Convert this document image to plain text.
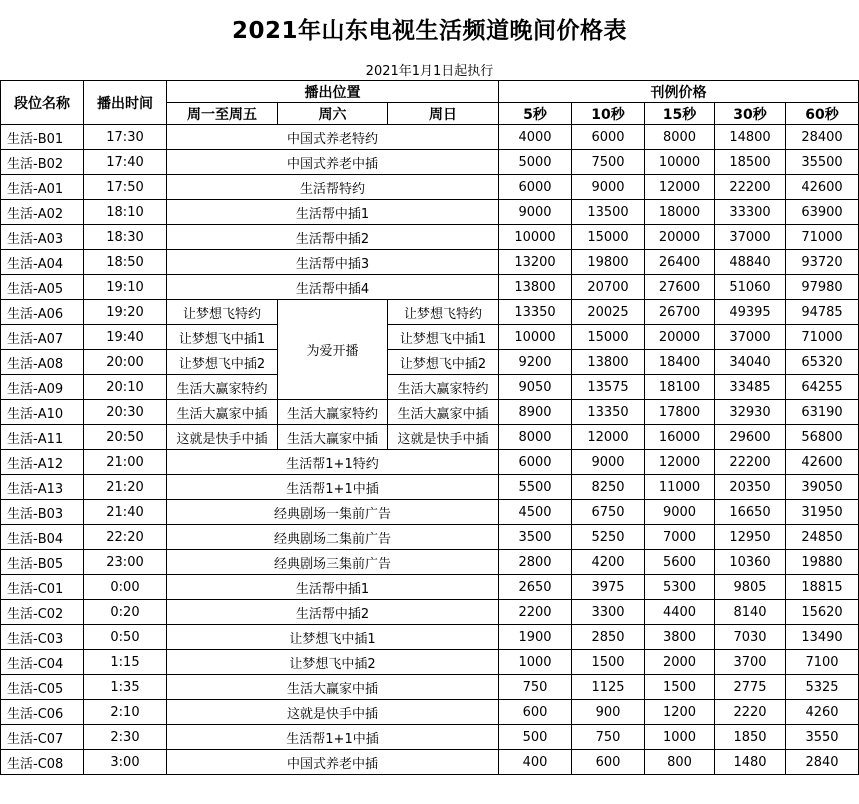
2021年山东电视生活频道晚间价格表
2021年1月1日起执行
段位名称	播出时间	播出位置			刊例价格				
		周一至周五	周六	周日	5秒	10秒	15秒	30秒	60秒
生活-B01	17:30	中国式养老特约			4000	6000	8000	14800	28400
生活-B02	17:40	中国式养老中插			5000	7500	10000	18500	35500
生活-A01	17:50	生活帮特约			6000	9000	12000	22200	42600
生活-A02	18:10	生活帮中插1			9000	13500	18000	33300	63900
生活-A03	18:30	生活帮中插2			10000	15000	20000	37000	71000
生活-A04	18:50	生活帮中插3			13200	19800	26400	48840	93720
生活-A05	19:10	生活帮中插4			13800	20700	27600	51060	97980
生活-A06	19:20	让梦想飞特约	为爱开播	让梦想飞特约	13350	20025	26700	49395	94785
生活-A07	19:40	让梦想飞中插1		让梦想飞中插1	10000	15000	20000	37000	71000
生活-A08	20:00	让梦想飞中插2		让梦想飞中插2	9200	13800	18400	34040	65320
生活-A09	20:10	生活大赢家特约		生活大赢家特约	9050	13575	18100	33485	64255
生活-A10	20:30	生活大赢家中插	生活大赢家特约	生活大赢家中插	8900	13350	17800	32930	63190
生活-A11	20:50	这就是快手中插	生活大赢家中插	这就是快手中插	8000	12000	16000	29600	56800
生活-A12	21:00	生活帮1+1特约			6000	9000	12000	22200	42600
生活-A13	21:20	生活帮1+1中插			5500	8250	11000	20350	39050
生活-B03	21:40	经典剧场一集前广告			4500	6750	9000	16650	31950
生活-B04	22:20	经典剧场二集前广告			3500	5250	7000	12950	24850
生活-B05	23:00	经典剧场三集前广告			2800	4200	5600	10360	19880
生活-C01	0:00	生活帮中插1			2650	3975	5300	9805	18815
生活-C02	0:20	生活帮中插2			2200	3300	4400	8140	15620
生活-C03	0:50	让梦想飞中插1			1900	2850	3800	7030	13490
生活-C04	1:15	让梦想飞中插2			1000	1500	2000	3700	7100
生活-C05	1:35	生活大赢家中插			750	1125	1500	2775	5325
生活-C06	2:10	这就是快手中插			600	900	1200	2220	4260
生活-C07	2:30	生活帮1+1中插			500	750	1000	1850	3550
生活-C08	3:00	中国式养老中插			400	600	800	1480	2840
